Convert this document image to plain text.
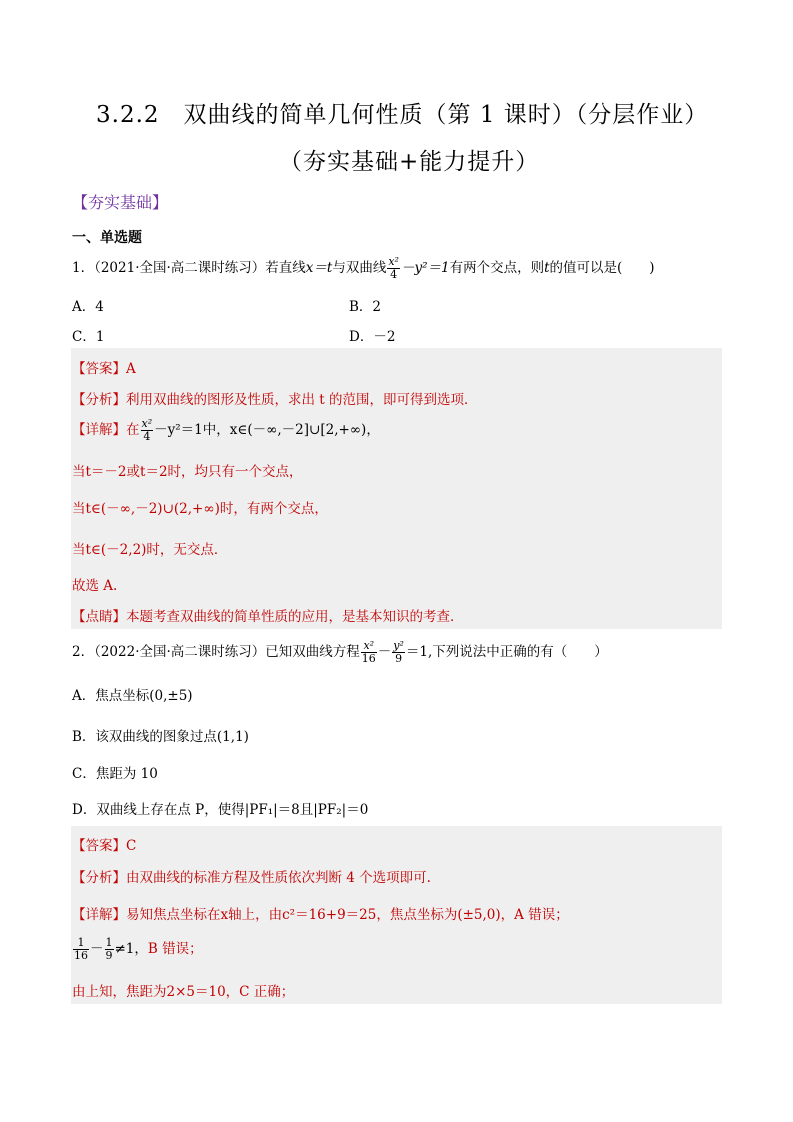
3.2.2　双曲线的简单几何性质（第 1 课时）（分层作业）
（夯实基础+能力提升）
【夯实基础】
一、单选题
1．（2021·全国·高二课时练习）若直线x＝t与双曲线 $\frac{\text{x²}}{4} -y^2=1$有两个交点，则t的值可以是(　　)
A．4	B．2
C．1	D．－2
【答案】A
【分析】利用双曲线的图形及性质，求出 t 的范围，即可得到选项．
【详解】在 $\frac{\text{x²}}{4} -y^2=1$中，x∈(－∞,－2]∪[2,+∞)，
当t＝－2或t＝2时，均只有一个交点，
当t∈(－∞,－2)∪(2,+∞)时，有两个交点，
当t∈(－2,2)时，无交点．
故选 A.
【点睛】本题考查双曲线的简单性质的应用，是基本知识的考查．
2．（2022·全国·高二课时练习）已知双曲线方程 $\frac{\text{x²}}{16} - \frac{\text{y²}}{9} =1$,下列说法中正确的有（　　）
A．焦点坐标(0,±5)
B．该双曲线的图象过点(1,1)
C．焦距为 10
D．双曲线上存在点 P，使得|PF₁|＝8且|PF₂|＝0
【答案】C
【分析】由双曲线的标准方程及性质依次判断 4 个选项即可.
【详解】易知焦点坐标在x轴上，由c²＝16+9＝25，焦点坐标为(±5,0)，A 错误；
$\frac{1}{16} - \frac{1}{9} \ne 1$，B 错误；
由上知，焦距为2×5＝10，C 正确；
